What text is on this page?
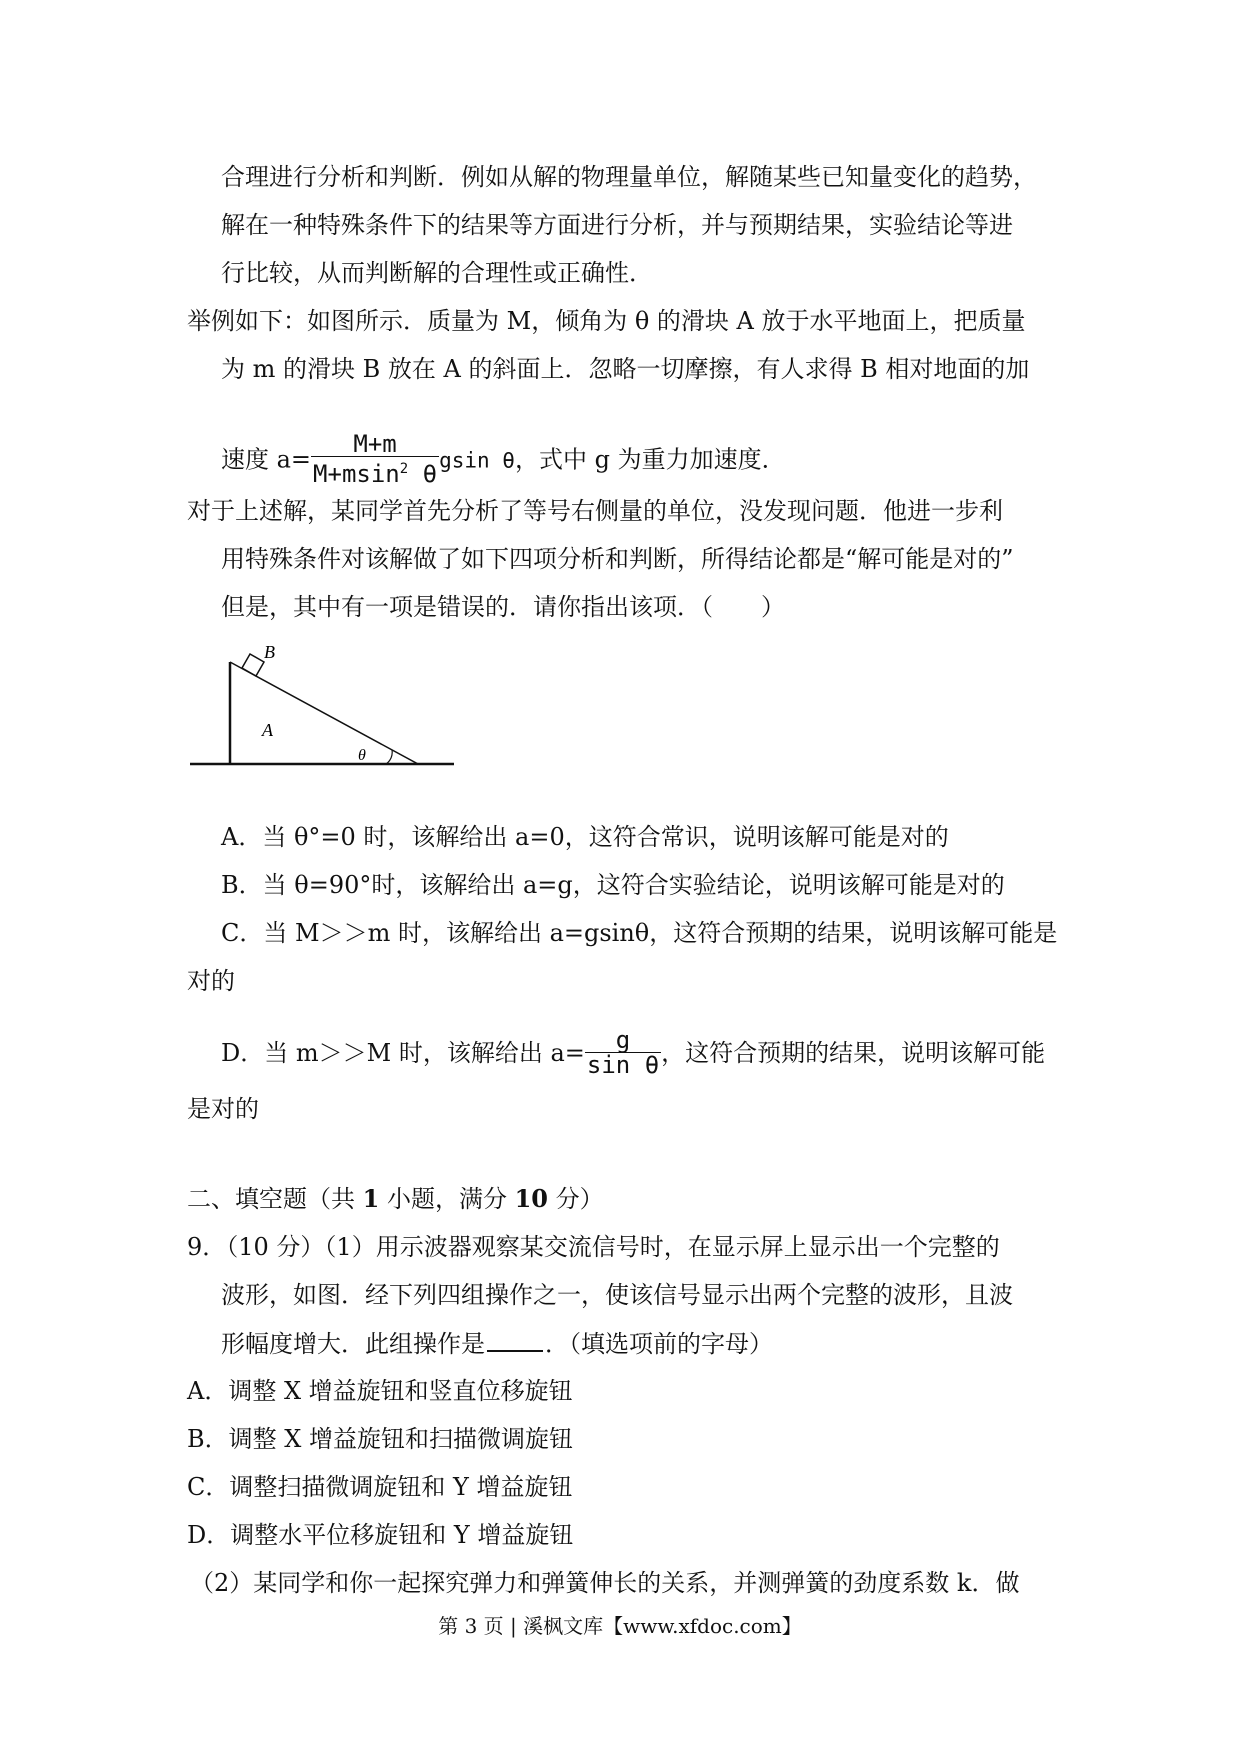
合理进行分析和判断．例如从解的物理量单位，解随某些已知量变化的趋势，
解在一种特殊条件下的结果等方面进行分析，并与预期结果，实验结论等进
行比较，从而判断解的合理性或正确性．
举例如下：如图所示．质量为 M，倾角为 θ 的滑块 A 放于水平地面上，把质量
为 m 的滑块 B 放在 A 的斜面上．忽略一切摩擦，有人求得 B 相对地面的加
速度 $a= \frac{M+m}{M+msin^2 \theta}$ gsin θ，式中 g 为重力加速度．
对于上述解，某同学首先分析了等号右侧量的单位，没发现问题．他进一步利
用特殊条件对该解做了如下四项分析和判断，所得结论都是“解可能是对的”
但是，其中有一项是错误的．请你指出该项．（　　）
A
B
θ
A．当 θ°=0 时，该解给出 a=0，这符合常识，说明该解可能是对的
B．当 θ=90°时，该解给出 a=g，这符合实验结论，说明该解可能是对的
C．当 M＞＞m 时，该解给出 a=gsinθ，这符合预期的结果，说明该解可能是
对的
D．当 m＞＞M 时，该解给出 $a= \frac{g}{\text{sin θ}}$ ，这符合预期的结果，说明该解可能
是对的
二、填空题（共 1 小题，满分 10 分）
9．（10 分）（1）用示波器观察某交流信号时，在显示屏上显示出一个完整的
波形，如图．经下列四组操作之一，使该信号显示出两个完整的波形，且波
形幅度增大．此组操作是	．（填选项前的字母）
A．调整 X 增益旋钮和竖直位移旋钮
B．调整 X 增益旋钮和扫描微调旋钮
C．调整扫描微调旋钮和 Y 增益旋钮
D．调整水平位移旋钮和 Y 增益旋钮
（2）某同学和你一起探究弹力和弹簧伸长的关系，并测弹簧的劲度系数 k．做
第 3 页 | 溪枫文库【www.xfdoc.com】
